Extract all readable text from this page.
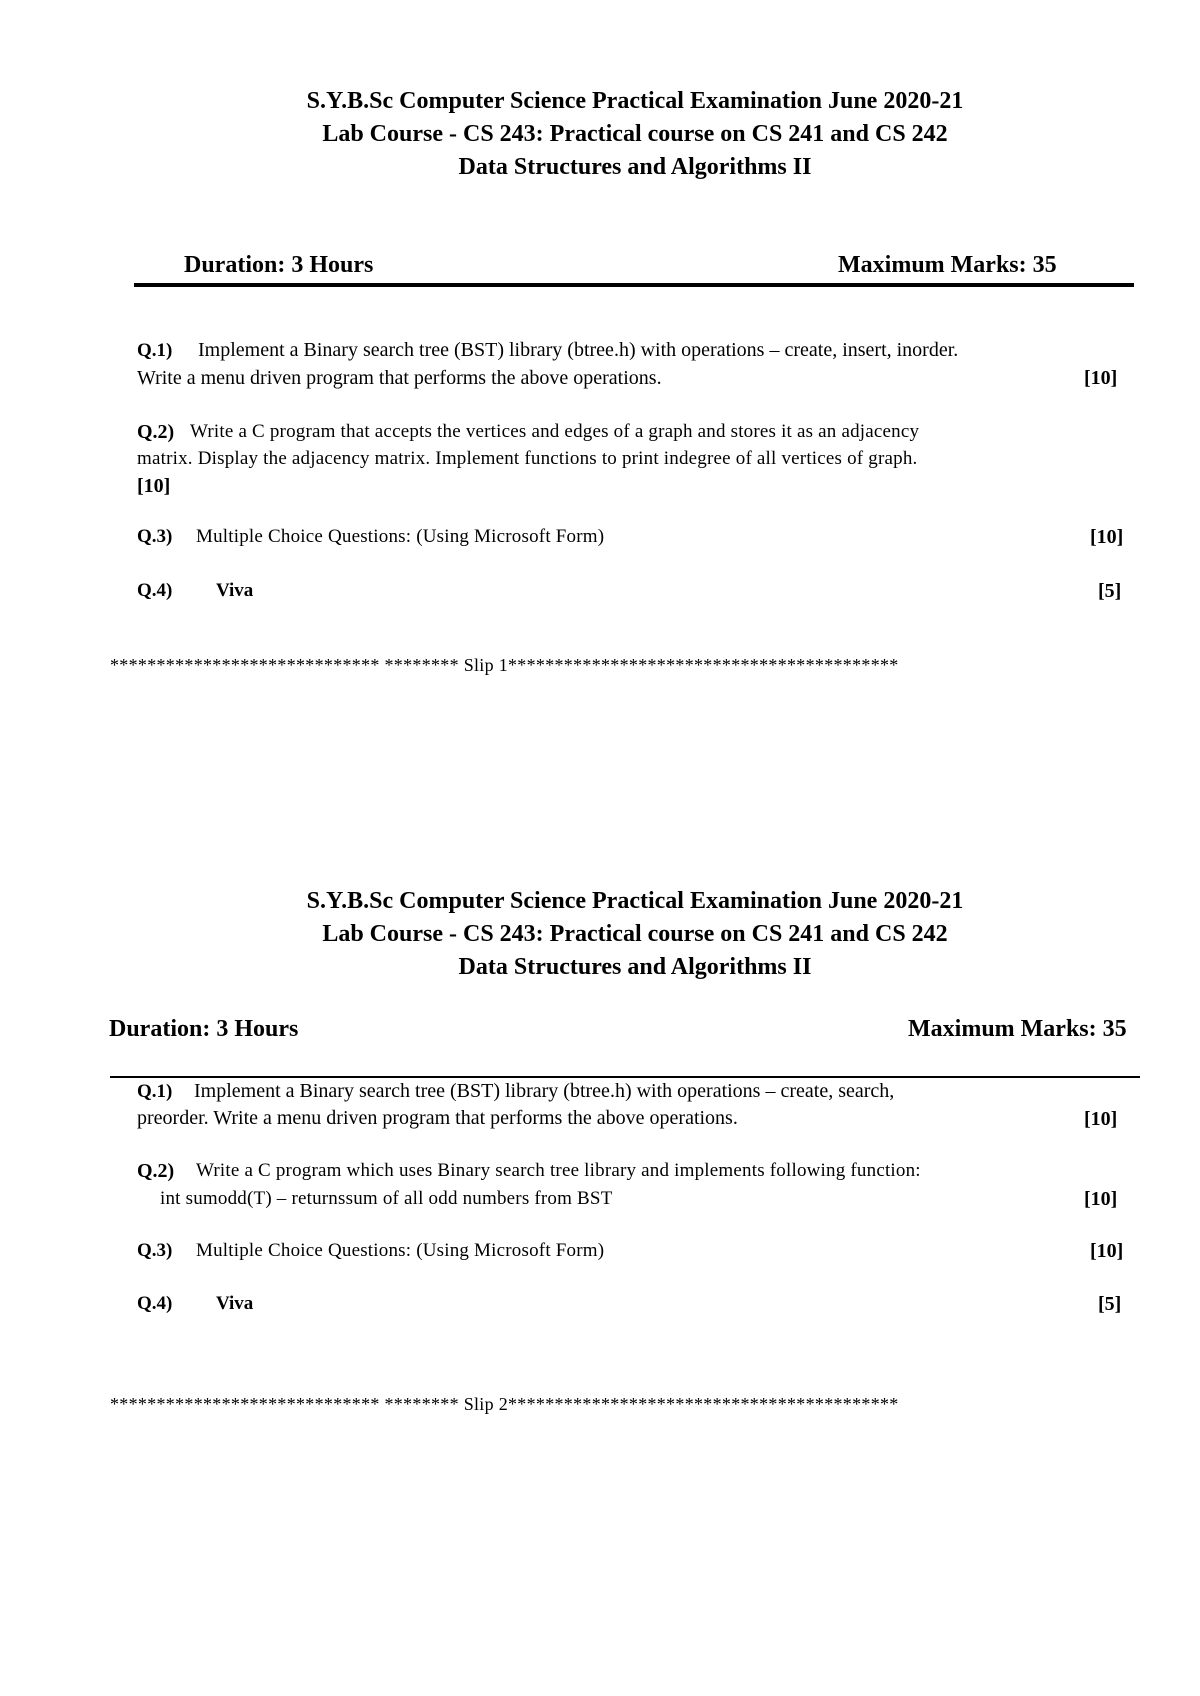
S.Y.B.Sc Computer Science Practical Examination June 2020-21
Lab Course - CS 243: Practical course on CS 241 and CS 242
Data Structures and Algorithms II
Duration: 3 Hours	Maximum Marks: 35
Q.1) Implement a Binary search tree (BST) library (btree.h) with operations – create, insert, inorder.
Write a menu driven program that performs the above operations.	[10]
Q.2) Write a C program that accepts the vertices and edges of a graph and stores it as an adjacency
matrix. Display the adjacency matrix. Implement functions to print indegree of all vertices of graph.
[10]
Q.3) Multiple Choice Questions: (Using Microsoft Form)	[10]
Q.4) Viva	[5]
***************************** ******** Slip 1******************************************
S.Y.B.Sc Computer Science Practical Examination June 2020-21
Lab Course - CS 243: Practical course on CS 241 and CS 242
Data Structures and Algorithms II
Duration: 3 Hours	Maximum Marks: 35
Q.1) Implement a Binary search tree (BST) library (btree.h) with operations – create, search,
preorder. Write a menu driven program that performs the above operations.	[10]
Q.2) Write a C program which uses Binary search tree library and implements following function:
int sumodd(T) – returnssum of all odd numbers from BST	[10]
Q.3) Multiple Choice Questions: (Using Microsoft Form)	[10]
Q.4) Viva	[5]
***************************** ******** Slip 2******************************************
